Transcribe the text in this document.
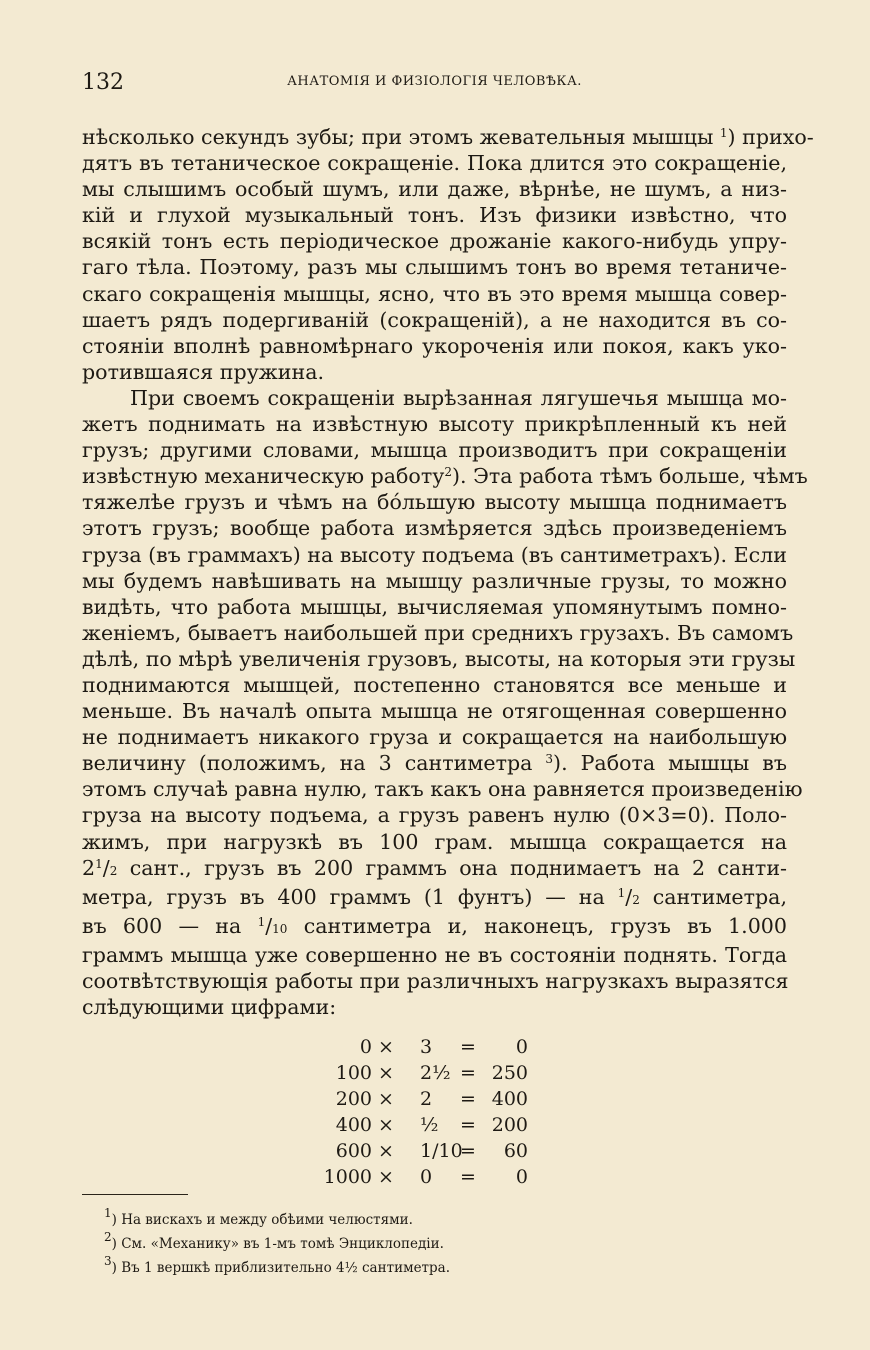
132	АНАТОМІЯ И ФИЗІОЛОГІЯ ЧЕЛОВѢКА.
нѣсколько секундъ зубы; при этомъ жевательныя мышцы $^1$) прихо-
дятъ въ тетаническое сокращеніе. Пока длится это сокращеніе,
мы слышимъ особый шумъ, или даже, вѣрнѣе, не шумъ, а низ-
кій и глухой музыкальный тонъ. Изъ физики извѣстно, что
всякій тонъ есть періодическое дрожаніе какого-нибудь упру-
гаго тѣла. Поэтому, разъ мы слышимъ тонъ во время тетаниче-
скаго сокращенія мышцы, ясно, что въ это время мышца совер-
шаетъ рядъ подергиваній (сокращеній), а не находится въ со-
стояніи вполнѣ равномѣрнаго укороченія или покоя, какъ уко-
ротившаяся пружина.
При своемъ сокращеніи вырѣзанная лягушечья мышца мо-
жетъ поднимать на извѣстную высоту прикрѣпленный къ ней
грузъ; другими словами, мышца производитъ при сокращеніи
извѣстную механическую работу$^2$). Эта работа тѣмъ больше, чѣмъ
тяжелѣе грузъ и чѣмъ на бо́льшую высоту мышца поднимаетъ
этотъ грузъ; вообще работа измѣряется здѣсь произведеніемъ
груза (въ граммахъ) на высоту подъема (въ сантиметрахъ). Если
мы будемъ навѣшивать на мышцу различные грузы, то можно
видѣть, что работа мышцы, вычисляемая упомянутымъ помно-
женіемъ, бываетъ наибольшей при среднихъ грузахъ. Въ самомъ
дѣлѣ, по мѣрѣ увеличенія грузовъ, высоты, на которыя эти грузы
поднимаются мышцей, постепенно становятся все меньше и
меньше. Въ началѣ опыта мышца не отягощенная совершенно
не поднимаетъ никакого груза и сокращается на наибольшую
величину (положимъ, на 3 сантиметра $^3$). Работа мышцы въ
этомъ случаѣ равна нулю, такъ какъ она равняется произведенію
груза на высоту подъема, а грузъ равенъ нулю (0×3=0). Поло-
жимъ, при нагрузкѣ въ 100 грам. мышца сокращается на
$2^1/2$ сант., грузъ въ 200 граммъ она поднимаетъ на 2 санти-
метра, грузъ въ 400 граммъ (1 фунтъ) — на $^1$/2 сантиметра,
въ 600 — на $^1$/10 сантиметра и, наконецъ, грузъ въ 1.000
граммъ мышца уже совершенно не въ состояніи поднять. Тогда
соотвѣтствующія работы при различныхъ нагрузкахъ выразятся
слѣдующими цифрами:
0 × 3 = 0
100 × 2½ = 250
200 × 2 = 400
400 × ½ = 200
600 × 1/10
= 60
1000 × 0 = 0
$^1$) На вискахъ и между обѣими челюстями.
$^2$) См. «Механику» въ 1-мъ томѣ Энциклопедіи.
$^3$) Въ 1 вершкѣ приблизительно 4½ сантиметра.
